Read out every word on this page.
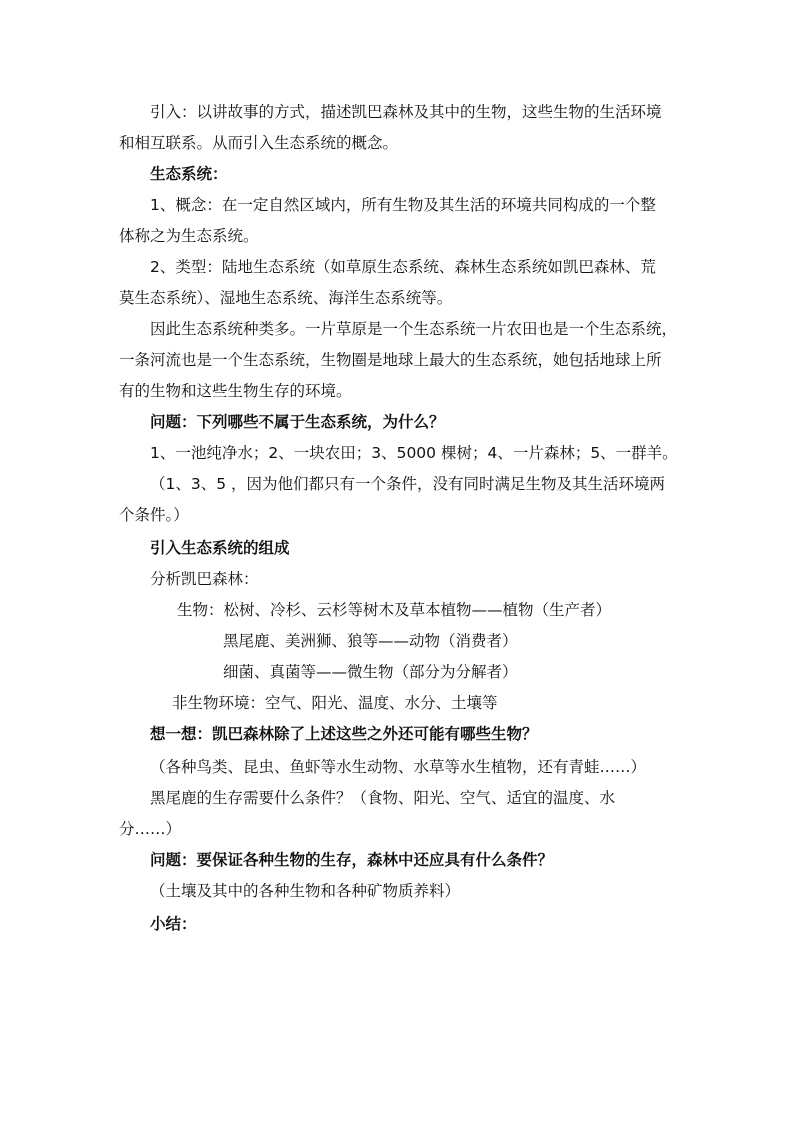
引入：以讲故事的方式，描述凯巴森林及其中的生物，这些生物的生活环境
和相互联系。从而引入生态系统的概念。
生态系统：
1、概念：在一定自然区域内，所有生物及其生活的环境共同构成的一个整
体称之为生态系统。
2、类型：陆地生态系统（如草原生态系统、森林生态系统如凯巴森林、荒
莫生态系统）、湿地生态系统、海洋生态系统等。
因此生态系统种类多。一片草原是一个生态系统一片农田也是一个生态系统，
一条河流也是一个生态系统，生物圈是地球上最大的生态系统，她包括地球上所
有的生物和这些生物生存的环境。
问题：下列哪些不属于生态系统，为什么？
1、一池纯净水；2、一块农田；3、5000 棵树；4、一片森林；5、一群羊。
（1、3、5 ，因为他们都只有一个条件，没有同时满足生物及其生活环境两
个条件。）
引入生态系统的组成
分析凯巴森林：
生物：松树、冷杉、云杉等树木及草本植物——植物（生产者）
黑尾鹿、美洲狮、狼等——动物（消费者）
细菌、真菌等——微生物（部分为分解者）
非生物环境：空气、阳光、温度、水分、土壤等
想一想：凯巴森林除了上述这些之外还可能有哪些生物？
（各种鸟类、昆虫、鱼虾等水生动物、水草等水生植物，还有青蛙……）
黑尾鹿的生存需要什么条件？（食物、阳光、空气、适宜的温度、水
分……）
问题：要保证各种生物的生存，森林中还应具有什么条件？
（土壤及其中的各种生物和各种矿物质养料）
小结：
